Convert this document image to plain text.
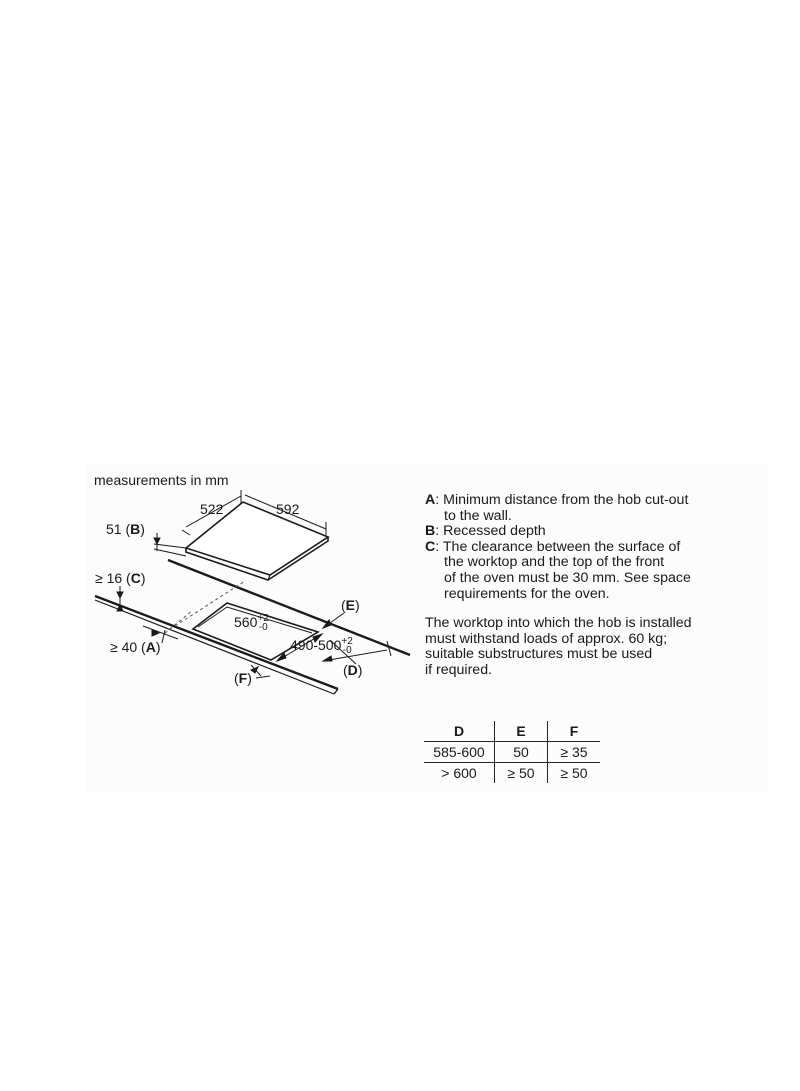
measurements in mm
522	592
51 (B)
≥ 16 (C)
≥ 40 (A)
$560^{+2}$ -0
$490-500^{+2}$ -0
(E)
(D)
(F)
A: Minimum distance from the hob cut-out
to the wall.
B: Recessed depth
C: The clearance between the surface of
the worktop and the top of the front
of the oven must be 30 mm. See space
requirements for the oven.
The worktop into which the hob is installed
must withstand loads of approx. 60 kg;
suitable substructures must be used
if required.
D	E	F
585-600	50	≥ 35
> 600	≥ 50	≥ 50
